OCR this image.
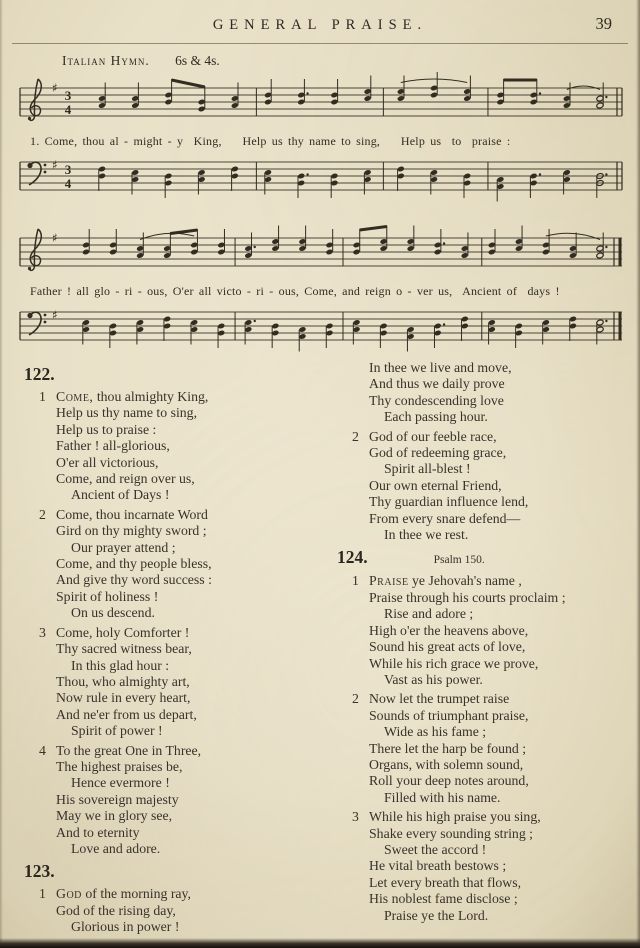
GENERAL PRAISE.	39
Italian Hymn. 6s & 4s.
♯ 3
4
1. Come, thou al - might - y  King,    Help us thy name to sing,    Help us  to  praise :
♯ 3
4
♯
Father ! all glo - ri - ous, O'er all victo - ri - ous, Come, and reign o - ver us,  Ancient of  days !
♯
122.
1 Come, thou almighty King,
Help us thy name to sing,
Help us to praise :
Father ! all-glorious,
O'er all victorious,
Come, and reign over us,
Ancient of Days !
2 Come, thou incarnate Word
Gird on thy mighty sword ;
Our prayer attend ;
Come, and thy people bless,
And give thy word success :
Spirit of holiness !
On us descend.
3 Come, holy Comforter !
Thy sacred witness bear,
In this glad hour :
Thou, who almighty art,
Now rule in every heart,
And ne'er from us depart,
Spirit of power !
4 To the great One in Three,
The highest praises be,
Hence evermore !
His sovereign majesty
May we in glory see,
And to eternity
Love and adore.
123.
1 God of the morning ray,
God of the rising day,
Glorious in power !
In thee we live and move,
And thus we daily prove
Thy condescending love
Each passing hour.
2 God of our feeble race,
God of redeeming grace,
Spirit all-blest !
Our own eternal Friend,
Thy guardian influence lend,
From every snare defend—
In thee we rest.
124.	Psalm 150.
1 Praise ye Jehovah's name ,
Praise through his courts proclaim ;
Rise and adore ;
High o'er the heavens above,
Sound his great acts of love,
While his rich grace we prove,
Vast as his power.
2 Now let the trumpet raise
Sounds of triumphant praise,
Wide as his fame ;
There let the harp be found ;
Organs, with solemn sound,
Roll your deep notes around,
Filled with his name.
3 While his high praise you sing,
Shake every sounding string ;
Sweet the accord !
He vital breath bestows ;
Let every breath that flows,
His noblest fame disclose ;
Praise ye the Lord.
